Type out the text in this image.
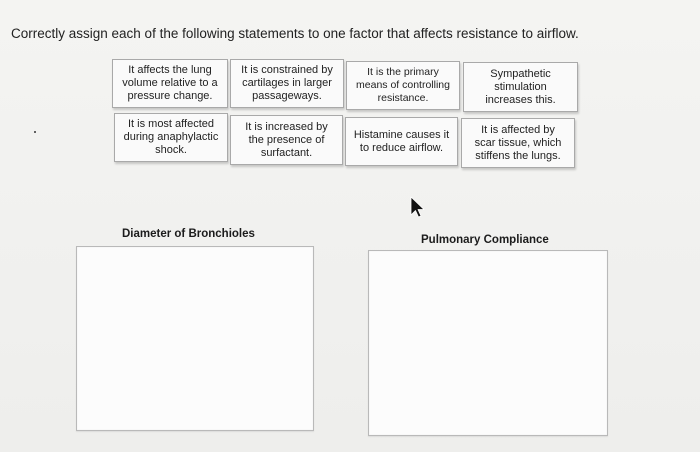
Correctly assign each of the following statements to one factor that affects resistance to airflow.
It affects the lung
volume relative to a
pressure change.
It is constrained by
cartilages in larger
passageways.
It is the primary
means of controlling
resistance.
Sympathetic
stimulation
increases this.
It is most affected
during anaphylactic
shock.
It is increased by
the presence of
surfactant.
Histamine causes it
to reduce airflow.
It is affected by
scar tissue, which
stiffens the lungs.
Diameter of Bronchioles	Pulmonary Compliance
